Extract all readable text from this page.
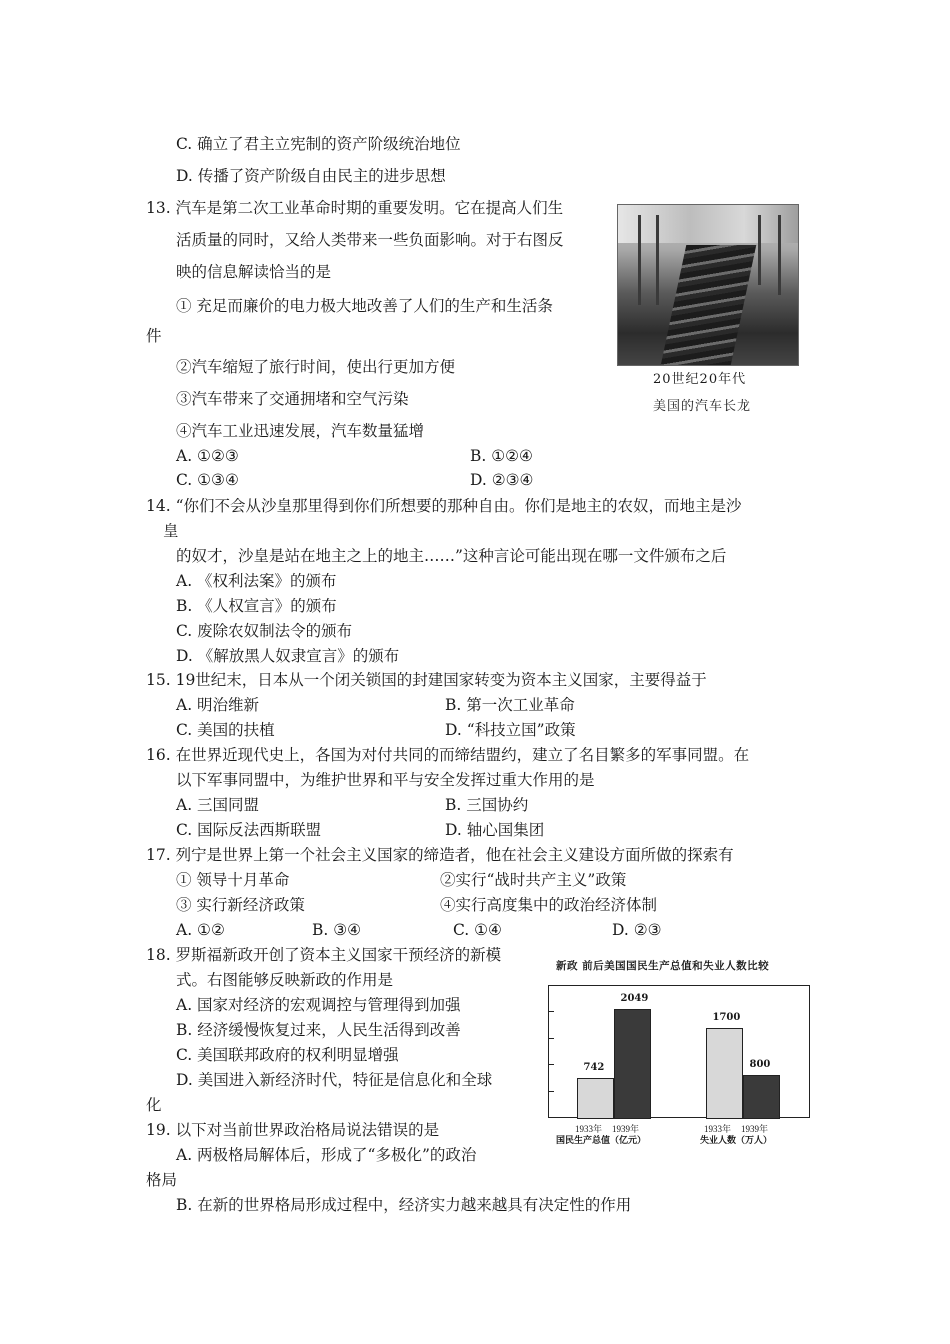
C. 确立了君主立宪制的资产阶级统治地位
D. 传播了资产阶级自由民主的进步思想
13. 汽车是第二次工业革命时期的重要发明。它在提高人们生
活质量的同时，又给人类带来一些负面影响。对于右图反
映的信息解读恰当的是
① 充足而廉价的电力极大地改善了人们的生产和生活条
件
②汽车缩短了旅行时间，使出行更加方便
③汽车带来了交通拥堵和空气污染
④汽车工业迅速发展，汽车数量猛增
A. ①②③	B. ①②④
C. ①③④	D. ②③④
20世纪20年代
美国的汽车长龙
14. “你们不会从沙皇那里得到你们所想要的那种自由。你们是地主的农奴，而地主是沙
皇
的奴才，沙皇是站在地主之上的地主……”这种言论可能出现在哪一文件颁布之后
A. 《权利法案》的颁布
B. 《人权宣言》的颁布
C. 废除农奴制法令的颁布
D. 《解放黑人奴隶宣言》的颁布
15. 19世纪末，日本从一个闭关锁国的封建国家转变为资本主义国家，主要得益于
A. 明治维新	B. 第一次工业革命
C. 美国的扶植	D. “科技立国”政策
16. 在世界近现代史上，各国为对付共同的而缔结盟约，建立了名目繁多的军事同盟。在
以下军事同盟中，为维护世界和平与安全发挥过重大作用的是
A. 三国同盟	B. 三国协约
C. 国际反法西斯联盟	D. 轴心国集团
17. 列宁是世界上第一个社会主义国家的缔造者，他在社会主义建设方面所做的探索有
① 领导十月革命	②实行“战时共产主义”政策
③ 实行新经济政策	④实行高度集中的政治经济体制
A. ①②	B. ③④	C. ①④	D. ②③
18. 罗斯福新政开创了资本主义国家干预经济的新模
式。右图能够反映新政的作用是
A. 国家对经济的宏观调控与管理得到加强
B. 经济缓慢恢复过来，人民生活得到改善
C. 美国联邦政府的权利明显增强
D. 美国进入新经济时代，特征是信息化和全球
化
19. 以下对当前世界政治格局说法错误的是
A. 两极格局解体后，形成了“多极化”的政治
格局
B. 在新的世界格局形成过程中，经济实力越来越具有决定性的作用
新政 前后美国国民生产总值和失业人数比较
742
1933年
2049
1939年
国民生产总值（亿元）
1700
1933年
800
1939年
失业人数（万人）
